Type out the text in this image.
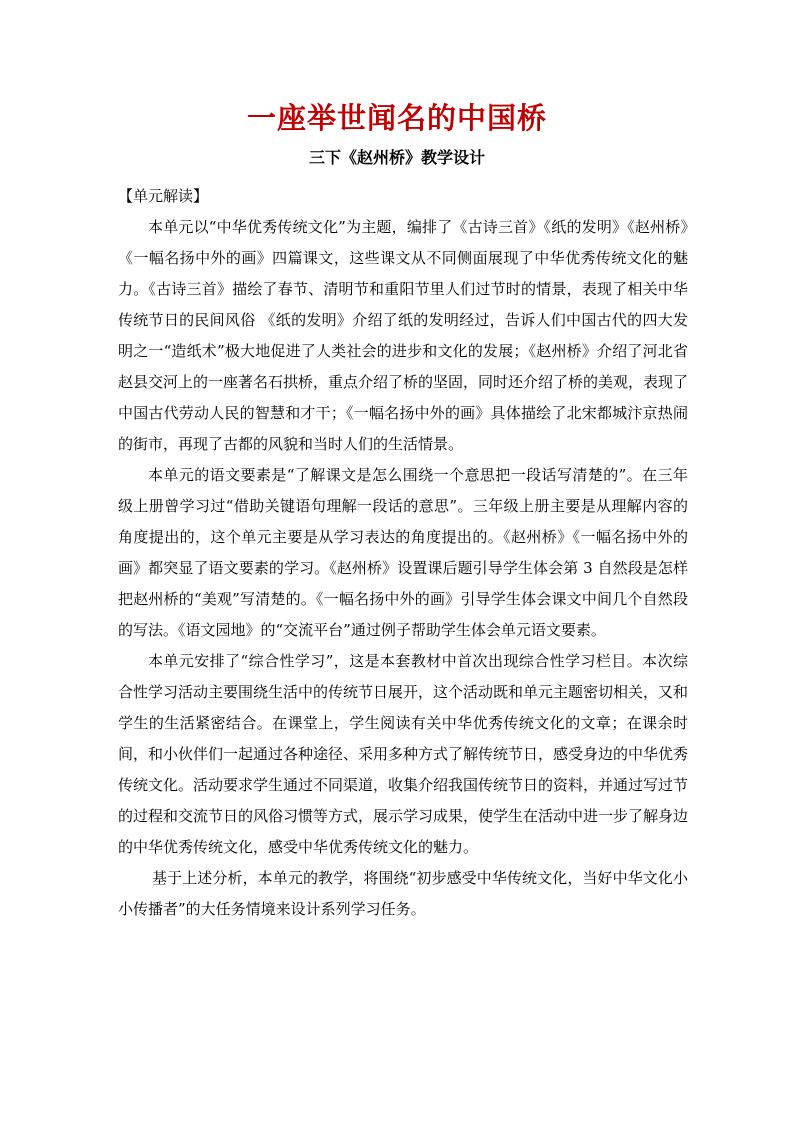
一座举世闻名的中国桥
三下《赵州桥》教学设计

【单元解读】

本单元以“中华优秀传统文化”为主题，编排了《古诗三首》《纸的发明》《赵州桥》《一幅名扬中外的画》四篇课文，这些课文从不同侧面展现了中华优秀传统文化的魅力。《古诗三首》描绘了春节、清明节和重阳节里人们过节时的情景，表现了相关中华传统节日的民间风俗 《纸的发明》介绍了纸的发明经过，告诉人们中国古代的四大发明之一“造纸术”极大地促进了人类社会的进步和文化的发展；《赵州桥》介绍了河北省赵县交河上的一座著名石拱桥，重点介绍了桥的坚固，同时还介绍了桥的美观，表现了中国古代劳动人民的智慧和才干；《一幅名扬中外的画》具体描绘了北宋都城汴京热闹的街市，再现了古都的风貌和当时人们的生活情景。

本单元的语文要素是“了解课文是怎么围绕一个意思把一段话写清楚的”。在三年级上册曾学习过“借助关键语句理解一段话的意思”。三年级上册主要是从理解内容的角度提出的，这个单元主要是从学习表达的角度提出的。《赵州桥》《一幅名扬中外的画》都突显了语文要素的学习。《赵州桥》设置课后题引导学生体会第 3 自然段是怎样把赵州桥的“美观”写清楚的。《一幅名扬中外的画》引导学生体会课文中间几个自然段的写法。《语文园地》的“交流平台”通过例子帮助学生体会单元语文要素。

本单元安排了“综合性学习”，这是本套教材中首次出现综合性学习栏目。本次综合性学习活动主要围绕生活中的传统节日展开，这个活动既和单元主题密切相关，又和学生的生活紧密结合。在课堂上，学生阅读有关中华优秀传统文化的文章；在课余时间，和小伙伴们一起通过各种途径、采用多种方式了解传统节日，感受身边的中华优秀传统文化。活动要求学生通过不同渠道，收集介绍我国传统节日的资料，并通过写过节的过程和交流节日的风俗习惯等方式，展示学习成果，使学生在活动中进一步了解身边的中华优秀传统文化，感受中华优秀传统文化的魅力。

基于上述分析，本单元的教学，将围绕“初步感受中华传统文化，当好中华文化小小传播者”的大任务情境来设计系列学习任务。
